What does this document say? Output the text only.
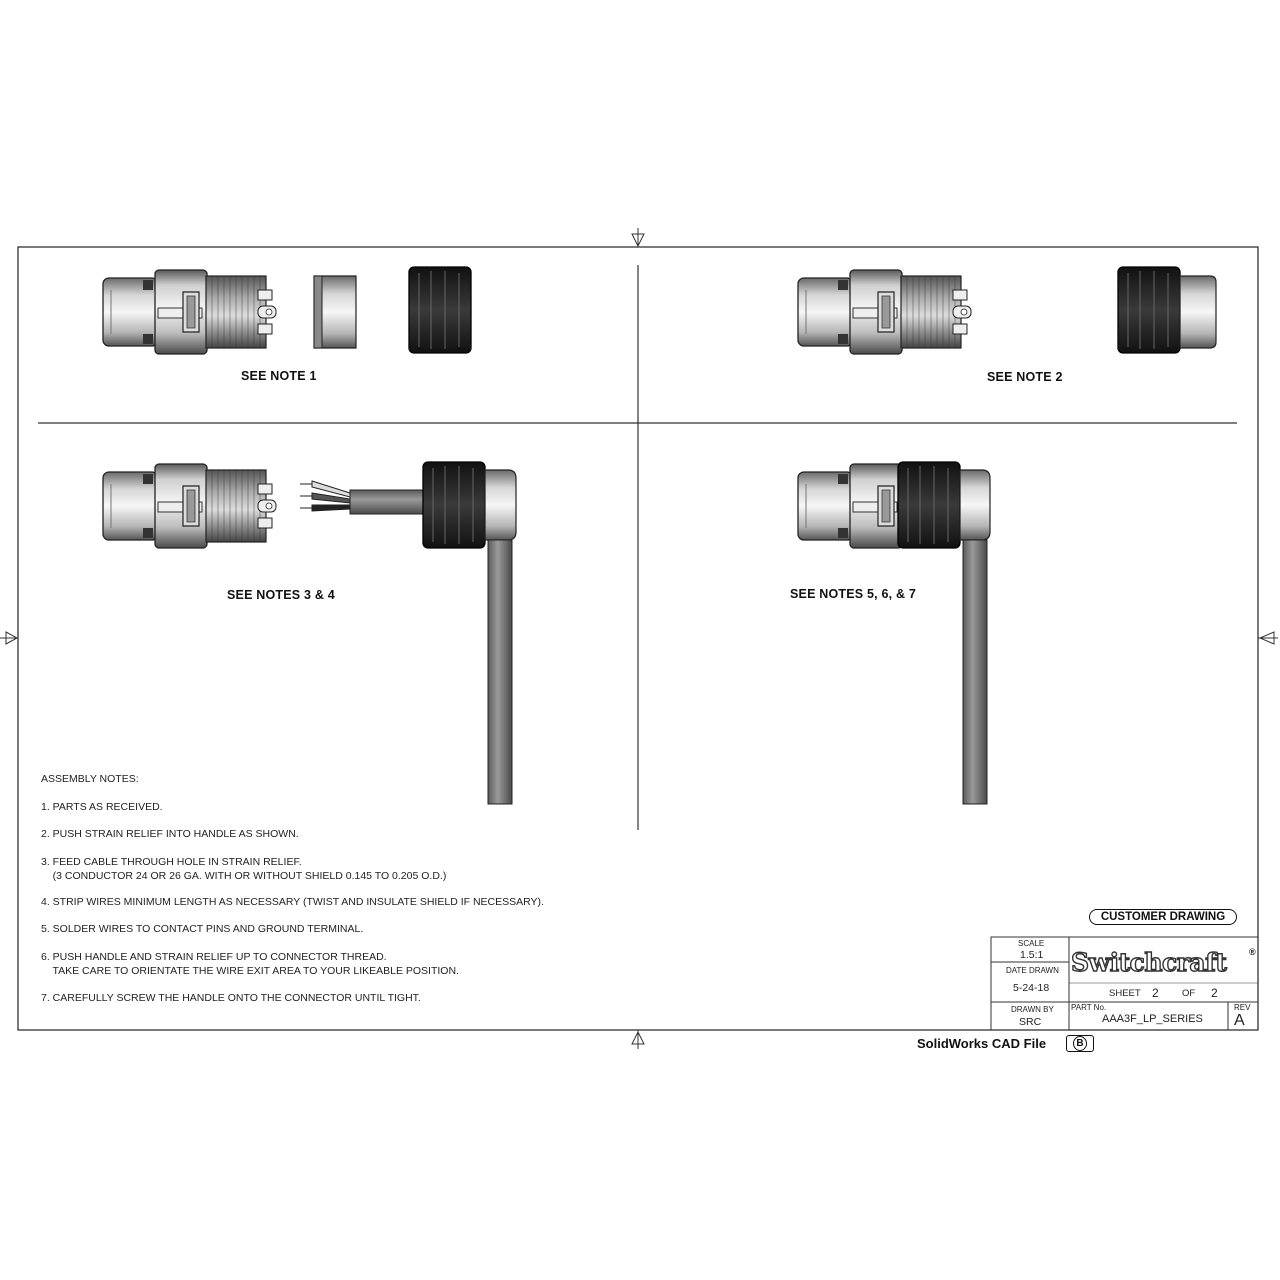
SEE NOTE 1	SEE NOTE 2
SEE NOTES 3 & 4	SEE NOTES 5, 6, & 7
ASSEMBLY NOTES:
1. PARTS AS RECEIVED.
2. PUSH STRAIN RELIEF INTO HANDLE AS SHOWN.
3. FEED CABLE THROUGH HOLE IN STRAIN RELIEF.
(3 CONDUCTOR 24 OR 26 GA. WITH OR WITHOUT SHIELD 0.145 TO 0.205 O.D.)
4. STRIP WIRES MINIMUM LENGTH AS NECESSARY (TWIST AND INSULATE SHIELD IF NECESSARY).
5. SOLDER WIRES TO CONTACT PINS AND GROUND TERMINAL.
6. PUSH HANDLE AND STRAIN RELIEF UP TO CONNECTOR THREAD.
TAKE CARE TO ORIENTATE THE WIRE EXIT AREA TO YOUR LIKEABLE POSITION.
7. CAREFULLY SCREW THE HANDLE ONTO THE CONNECTOR UNTIL TIGHT.
CUSTOMER DRAWING
SCALE
1.5:1
DATE DRAWN
5-24-18
DRAWN BY
SRC
Switchcraft	®
SHEET 2 OF 2
PART No.
AAA3F_LP_SERIES
REV
A
SolidWorks CAD File	B
